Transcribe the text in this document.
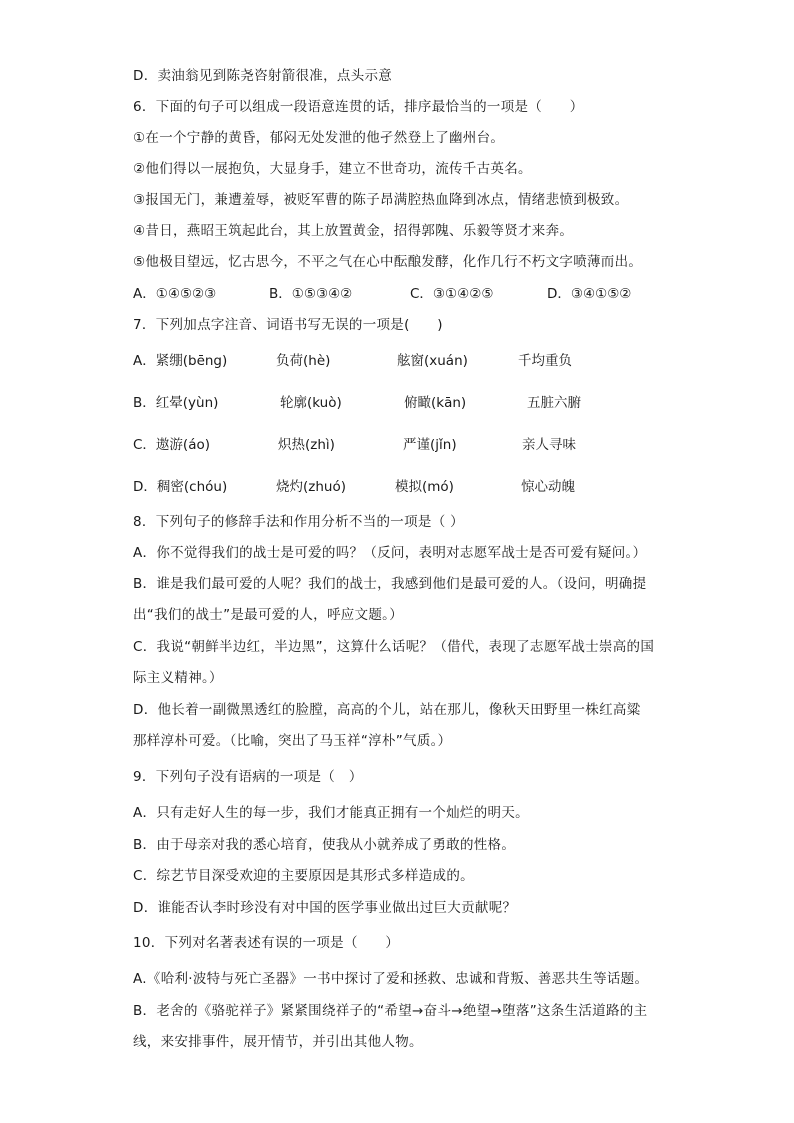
D．卖油翁见到陈尧咨射箭很准，点头示意
6．下面的句子可以组成一段语意连贯的话，排序最恰当的一项是（　　）
①在一个宁静的黄昏，郁闷无处发泄的他孑然登上了幽州台。
②他们得以一展抱负，大显身手，建立不世奇功，流传千古英名。
③报国无门，兼遭羞辱，被贬军曹的陈子昂满腔热血降到冰点，情绪悲愤到极致。
④昔日，燕昭王筑起此台，其上放置黄金，招得郭隗、乐毅等贤才来奔。
⑤他极目望远，忆古思今，不平之气在心中酝酿发酵，化作几行不朽文字喷薄而出。
A．①④⑤②③	B．①⑤③④②	C．③①④②⑤	D．③④①⑤②
7．下列加点字注音、词语书写无误的一项是(　　)
A．紧绷(bēng)	负荷(hè)	舷窗(xuán)	千均重负
B．红晕(yùn)	轮廓(kuò)	俯瞰(kān)	五脏六腑
C．遨游(áo)	炽热(zhì)	严谨(jǐn)	亲人寻味
D．稠密(chóu)	烧灼(zhuó)	模拟(mó)	惊心动魄
8．下列句子的修辞手法和作用分析不当的一项是（ ）
A．你不觉得我们的战士是可爱的吗？（反问，表明对志愿军战士是否可爱有疑问。）
B．谁是我们最可爱的人呢？我们的战士，我感到他们是最可爱的人。（设问，明确提
出“我们的战士”是最可爱的人，呼应文题。）
C．我说“朝鲜半边红，半边黑”，这算什么话呢？（借代，表现了志愿军战士崇高的国
际主义精神。）
D．他长着一副微黑透红的脸膛，高高的个儿，站在那儿，像秋天田野里一株红高粱
那样淳朴可爱。（比喻，突出了马玉祥“淳朴”气质。）
9．下列句子没有语病的一项是（　）
A．只有走好人生的每一步，我们才能真正拥有一个灿烂的明天。
B．由于母亲对我的悉心培育，使我从小就养成了勇敢的性格。
C．综艺节目深受欢迎的主要原因是其形式多样造成的。
D．谁能否认李时珍没有对中国的医学事业做出过巨大贡献呢？
10．下列对名著表述有误的一项是（　　）
A.《哈利·波特与死亡圣器》一书中探讨了爱和拯救、忠诚和背叛、善恶共生等话题。
B．老舍的《骆驼祥子》紧紧围绕祥子的“希望→奋斗→绝望→堕落”这条生活道路的主
线，来安排事件，展开情节，并引出其他人物。
